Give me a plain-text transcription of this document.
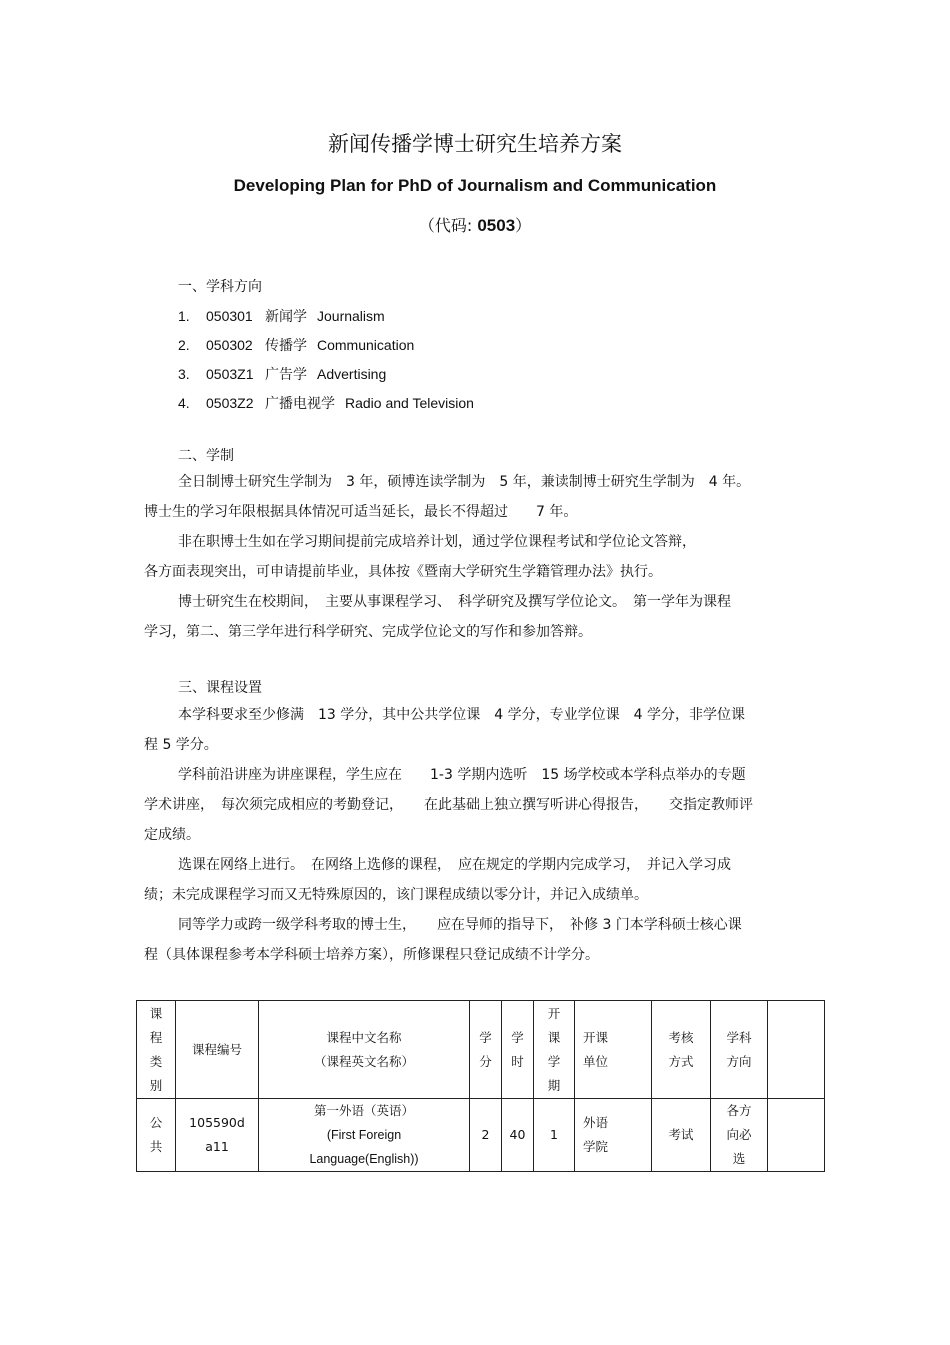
新闻传播学博士研究生培养方案
Developing Plan for PhD of Journalism and Communication
（代码: 0503）
一、学科方向
1. 050301 新闻学 Journalism
2. 050302 传播学 Communication
3. 0503Z1 广告学 Advertising
4. 0503Z2 广播电视学 Radio and Television
二、学制
全日制博士研究生学制为　3 年，硕博连读学制为　5 年，兼读制博士研究生学制为　4 年。
博士生的学习年限根据具体情况可适当延长，最长不得超过　　7 年。
非在职博士生如在学习期间提前完成培养计划，通过学位课程考试和学位论文答辩，
各方面表现突出，可申请提前毕业，具体按《暨南大学研究生学籍管理办法》执行。
博士研究生在校期间，　主要从事课程学习、　科学研究及撰写学位论文。　第一学年为课程
学习，第二、第三学年进行科学研究、完成学位论文的写作和参加答辩。
三、课程设置
本学科要求至少修满　13 学分，其中公共学位课　4 学分，专业学位课　4 学分，非学位课
程 5 学分。
学科前沿讲座为讲座课程，学生应在　　1-3 学期内选听　15 场学校或本学科点举办的专题
学术讲座，　每次须完成相应的考勤登记，　　在此基础上独立撰写听讲心得报告，　　交指定教师评
定成绩。
选课在网络上进行。　在网络上选修的课程，　应在规定的学期内完成学习，　并记入学习成
绩；未完成课程学习而又无特殊原因的，该门课程成绩以零分计，并记入成绩单。
同等学力或跨一级学科考取的博士生，　　应在导师的指导下，　补修 3 门本学科硕士核心课
程（具体课程参考本学科硕士培养方案），所修课程只登记成绩不计学分。
课程类别	课程编号	课程中文名称
（课程英文名称）	学分	学时	开课学期	开课单位	考核方式	学科方向	
公共	105590da11	第一外语（英语）
(First Foreign Language(English))	2	40	1	外语学院	考试	各方向必选	
